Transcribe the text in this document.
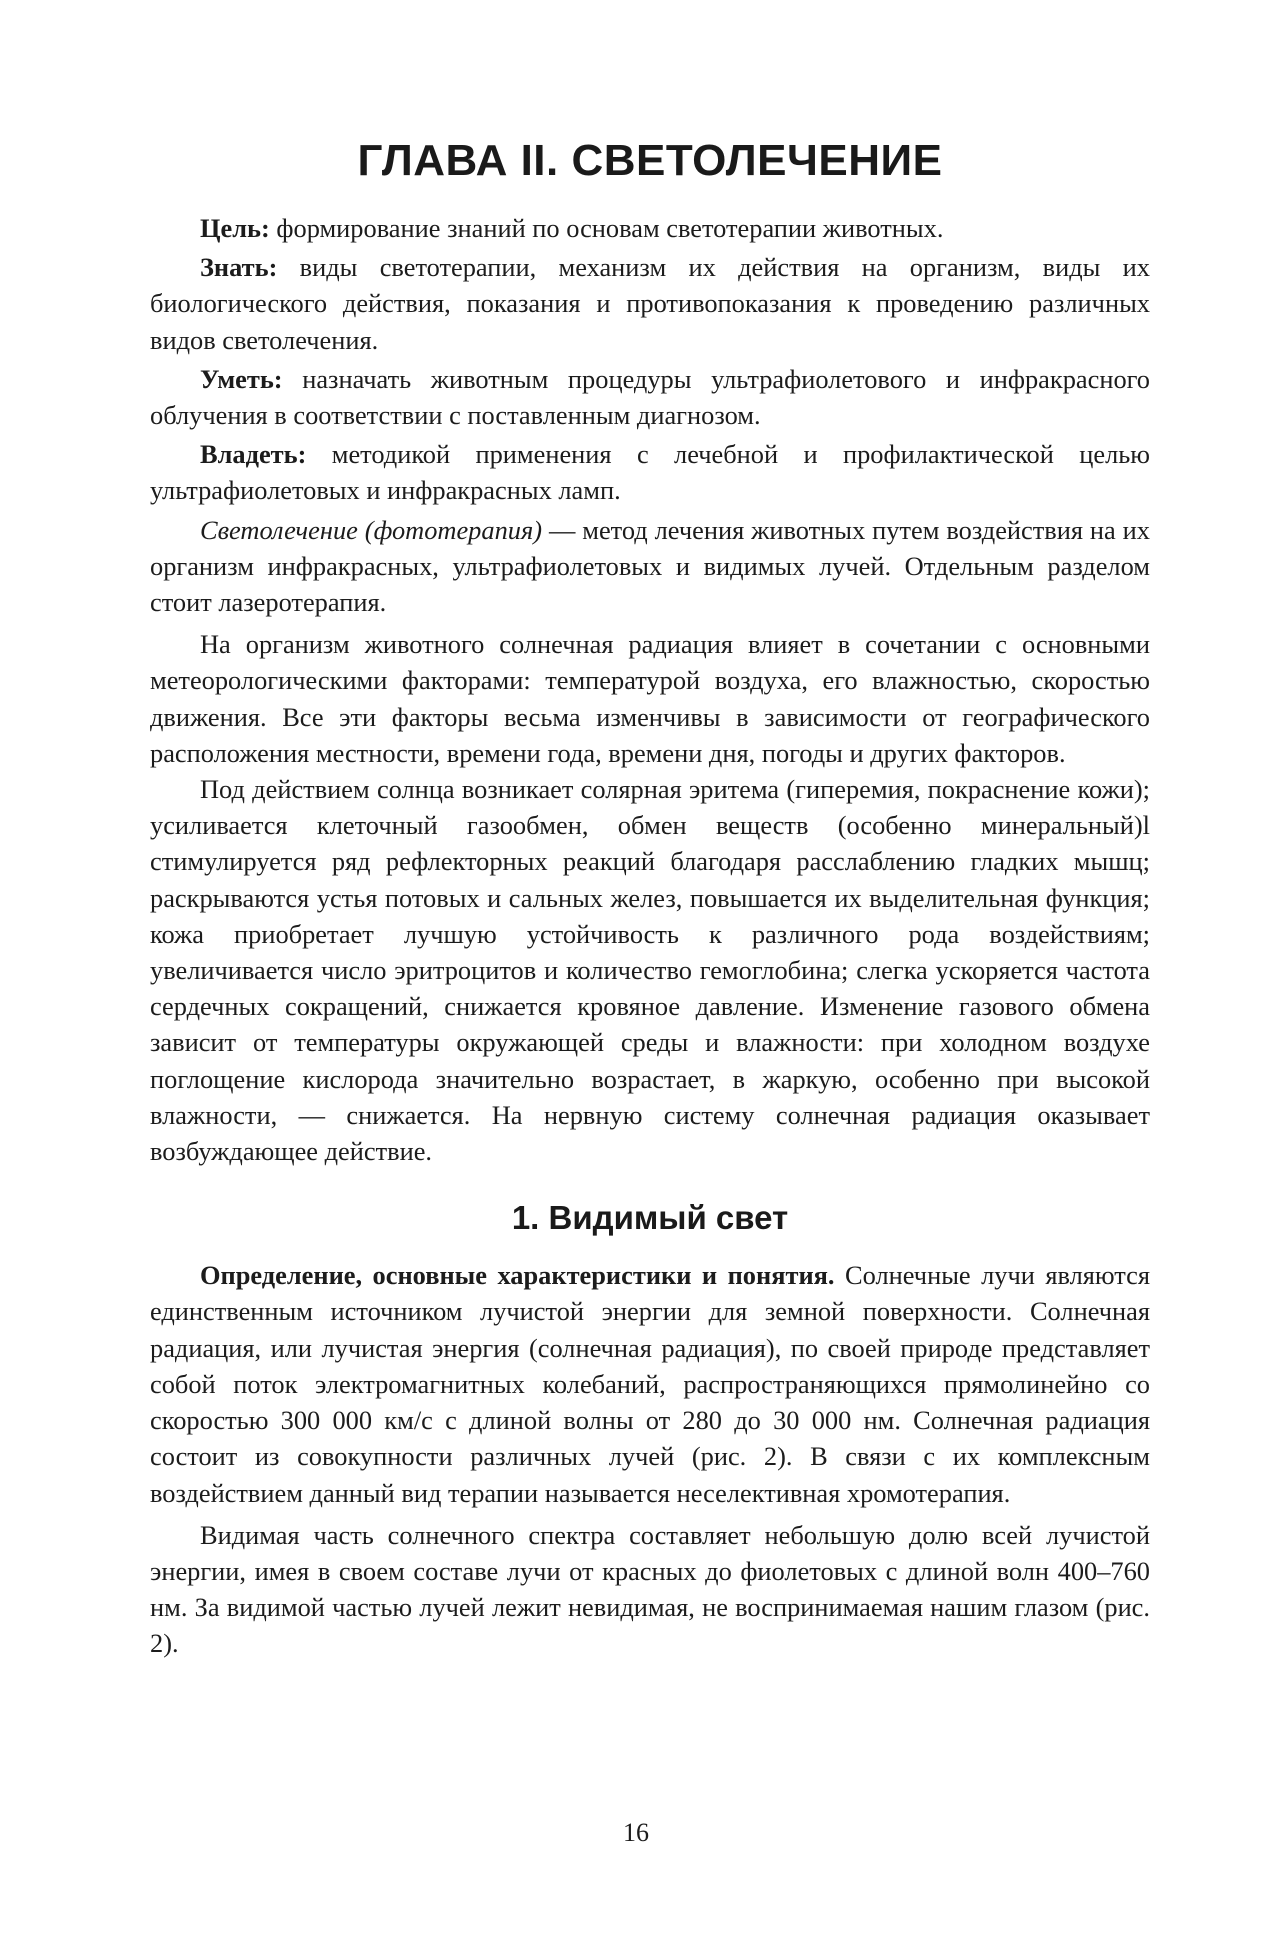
ГЛАВА II. СВЕТОЛЕЧЕНИЕ

Цель: формирование знаний по основам светотерапии животных.

Знать: виды светотерапии, механизм их действия на организм, виды их биологического действия, показания и противопоказания к проведению различных видов светолечения.

Уметь: назначать животным процедуры ультрафиолетового и инфракрасного облучения в соответствии с поставленным диагнозом.

Владеть: методикой применения с лечебной и профилактической целью ультрафиолетовых и инфракрасных ламп.

Светолечение (фототерапия) — метод лечения животных путем воздействия на их организм инфракрасных, ультрафиолетовых и видимых лучей. Отдельным разделом стоит лазеротерапия.

На организм животного солнечная радиация влияет в сочетании с основными метеорологическими факторами: температурой воздуха, его влажностью, скоростью движения. Все эти факторы весьма изменчивы в зависимости от географического расположения местности, времени года, времени дня, погоды и других факторов.

Под действием солнца возникает солярная эритема (гиперемия, покраснение кожи); усиливается клеточный газообмен, обмен веществ (особенно минеральный)l стимулируется ряд рефлекторных реакций благодаря расслаблению гладких мышц; раскрываются устья потовых и сальных желез, повышается их выделительная функция; кожа приобретает лучшую устойчивость к различного рода воздействиям; увеличивается число эритроцитов и количество гемоглобина; слегка ускоряется частота сердечных сокращений, снижается кровяное давление. Изменение газового обмена зависит от температуры окружающей среды и влажности: при холодном воздухе поглощение кислорода значительно возрастает, в жаркую, особенно при высокой влажности, — снижается. На нервную систему солнечная радиация оказывает возбуждающее действие.

1. Видимый свет

Определение, основные характеристики и понятия. Солнечные лучи являются единственным источником лучистой энергии для земной поверхности. Солнечная радиация, или лучистая энергия (солнечная радиация), по своей природе представляет собой поток электромагнитных колебаний, распространяющихся прямолинейно со скоростью 300 000 км/с с длиной волны от 280 до 30 000 нм. Солнечная радиация состоит из совокупности различных лучей (рис. 2). В связи с их комплексным воздействием данный вид терапии называется неселективная хромотерапия.

Видимая часть солнечного спектра составляет небольшую долю всей лучистой энергии, имея в своем составе лучи от красных до фиолетовых с длиной волн 400–760 нм. За видимой частью лучей лежит невидимая, не воспринимаемая нашим глазом (рис. 2).

16
